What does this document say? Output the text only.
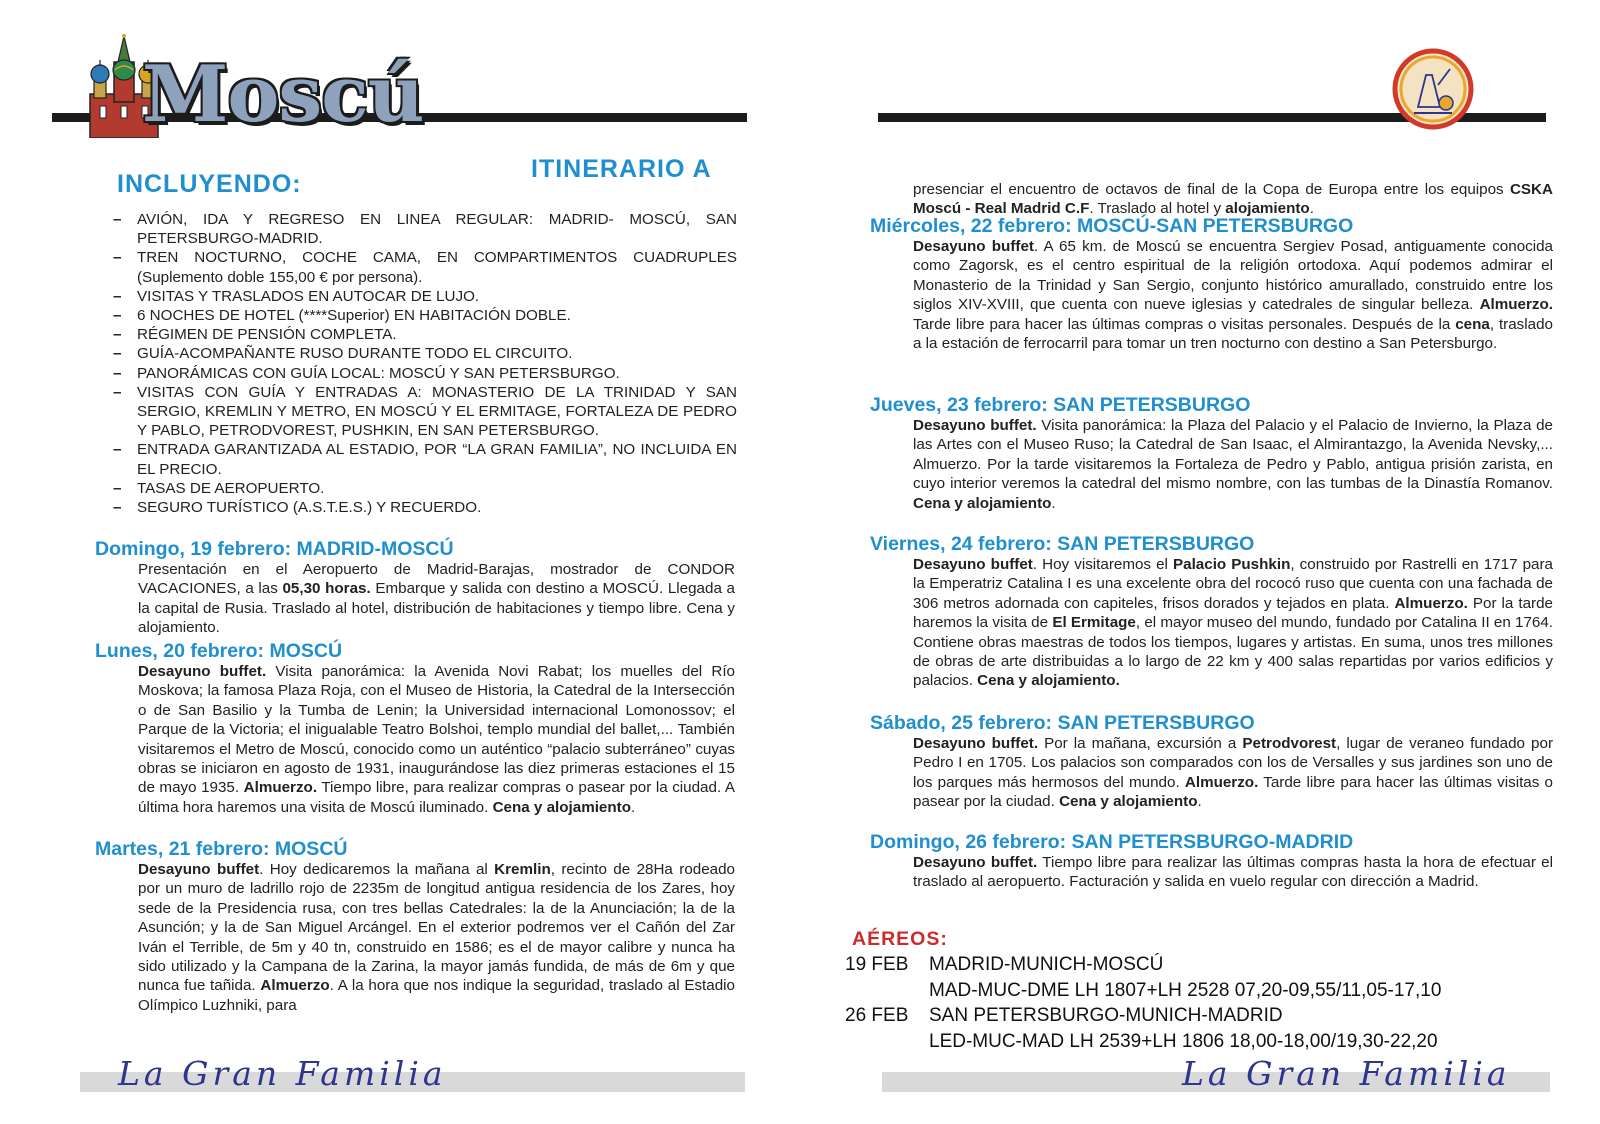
Moscú
INCLUYENDO:
ITINERARIO A
– AVIÓN, IDA Y REGRESO EN LINEA REGULAR: MADRID- MOSCÚ, SAN PETERSBURGO-MADRID.
– TREN NOCTURNO, COCHE CAMA, EN COMPARTIMENTOS CUADRUPLES (Suplemento doble 155,00 € por persona).
– VISITAS Y TRASLADOS EN AUTOCAR DE LUJO.
– 6 NOCHES DE HOTEL (****Superior) EN HABITACIÓN DOBLE.
– RÉGIMEN DE PENSIÓN COMPLETA.
– GUÍA-ACOMPAÑANTE RUSO DURANTE TODO EL CIRCUITO.
– PANORÁMICAS CON GUÍA LOCAL: MOSCÚ Y SAN PETERSBURGO.
– VISITAS CON GUÍA Y ENTRADAS A: MONASTERIO DE LA TRINIDAD Y SAN SERGIO, KREMLIN Y METRO, EN MOSCÚ Y EL ERMITAGE, FORTALEZA DE PEDRO Y PABLO, PETRODVOREST, PUSHKIN, EN SAN PETERSBURGO.
– ENTRADA GARANTIZADA AL ESTADIO, POR “LA GRAN FAMILIA”, NO INCLUIDA EN EL PRECIO.
– TASAS DE AEROPUERTO.
– SEGURO TURÍSTICO (A.S.T.E.S.) Y RECUERDO.
Domingo, 19 febrero: MADRID-MOSCÚ

Presentación en el Aeropuerto de Madrid-Barajas, mostrador de CONDOR VACACIONES, a las 05,30 horas. Embarque y salida con destino a MOSCÚ. Llegada a la capital de Rusia. Traslado al hotel, distribución de habitaciones y tiempo libre. Cena y alojamiento.

Lunes, 20 febrero: MOSCÚ

Desayuno buffet. Visita panorámica: la Avenida Novi Rabat; los muelles del Río Moskova; la famosa Plaza Roja, con el Museo de Historia, la Catedral de la Intersección o de San Basilio y la Tumba de Lenin; la Universidad internacional Lomonossov; el Parque de la Victoria; el inigualable Teatro Bolshoi, templo mundial del ballet,... También visitaremos el Metro de Moscú, conocido como un auténtico “palacio subterráneo” cuyas obras se iniciaron en agosto de 1931, inaugurándose las diez primeras estaciones el 15 de mayo 1935. Almuerzo. Tiempo libre, para realizar compras o pasear por la ciudad. A última hora haremos una visita de Moscú iluminado. Cena y alojamiento.

Martes, 21 febrero: MOSCÚ

Desayuno buffet. Hoy dedicaremos la mañana al Kremlin, recinto de 28Ha rodeado por un muro de ladrillo rojo de 2235m de longitud antigua residencia de los Zares, hoy sede de la Presidencia rusa, con tres bellas Catedrales: la de la Anunciación; la de la Asunción; y la de San Miguel Arcángel. En el exterior podremos ver el Cañón del Zar Iván el Terrible, de 5m y 40 tn, construido en 1586; es el de mayor calibre y nunca ha sido utilizado y la Campana de la Zarina, la mayor jamás fundida, de más de 6m y que nunca fue tañida. Almuerzo. A la hora que nos indique la seguridad, traslado al Estadio Olímpico Luzhniki, para

La Gran Familia

presenciar el encuentro de octavos de final de la Copa de Europa entre los equipos CSKA Moscú - Real Madrid C.F. Traslado al hotel y alojamiento.

Miércoles, 22 febrero: MOSCÚ-SAN PETERSBURGO

Desayuno buffet. A 65 km. de Moscú se encuentra Sergiev Posad, antiguamente conocida como Zagorsk, es el centro espiritual de la religión ortodoxa. Aquí podemos admirar el Monasterio de la Trinidad y San Sergio, conjunto histórico amurallado, construido entre los siglos XIV-XVIII, que cuenta con nueve iglesias y catedrales de singular belleza. Almuerzo. Tarde libre para hacer las últimas compras o visitas personales. Después de la cena, traslado a la estación de ferrocarril para tomar un tren nocturno con destino a San Petersburgo.

Jueves, 23 febrero: SAN PETERSBURGO

Desayuno buffet. Visita panorámica: la Plaza del Palacio y el Palacio de Invierno, la Plaza de las Artes con el Museo Ruso; la Catedral de San Isaac, el Almirantazgo, la Avenida Nevsky,... Almuerzo. Por la tarde visitaremos la Fortaleza de Pedro y Pablo, antigua prisión zarista, en cuyo interior veremos la catedral del mismo nombre, con las tumbas de la Dinastía Romanov. Cena y alojamiento.

Viernes, 24 febrero: SAN PETERSBURGO

Desayuno buffet. Hoy visitaremos el Palacio Pushkin, construido por Rastrelli en 1717 para la Emperatriz Catalina I es una excelente obra del rococó ruso que cuenta con una fachada de 306 metros adornada con capiteles, frisos dorados y tejados en plata. Almuerzo. Por la tarde haremos la visita de El Ermitage, el mayor museo del mundo, fundado por Catalina II en 1764. Contiene obras maestras de todos los tiempos, lugares y artistas. En suma, unos tres millones de obras de arte distribuidas a lo largo de 22 km y 400 salas repartidas por varios edificios y palacios. Cena y alojamiento.

Sábado, 25 febrero: SAN PETERSBURGO

Desayuno buffet. Por la mañana, excursión a Petrodvorest, lugar de veraneo fundado por Pedro I en 1705. Los palacios son comparados con los de Versalles y sus jardines son uno de los parques más hermosos del mundo. Almuerzo. Tarde libre para hacer las últimas visitas o pasear por la ciudad. Cena y alojamiento.

Domingo, 26 febrero: SAN PETERSBURGO-MADRID

Desayuno buffet. Tiempo libre para realizar las últimas compras hasta la hora de efectuar el traslado al aeropuerto. Facturación y salida en vuelo regular con dirección a Madrid.

AÉREOS:
19 FEB	MADRID-MUNICH-MOSCÚ
MAD-MUC-DME LH 1807+LH 2528 07,20-09,55/11,05-17,10
26 FEB	SAN PETERSBURGO-MUNICH-MADRID
LED-MUC-MAD LH 2539+LH 1806 18,00-18,00/19,30-22,20
La Gran Familia
